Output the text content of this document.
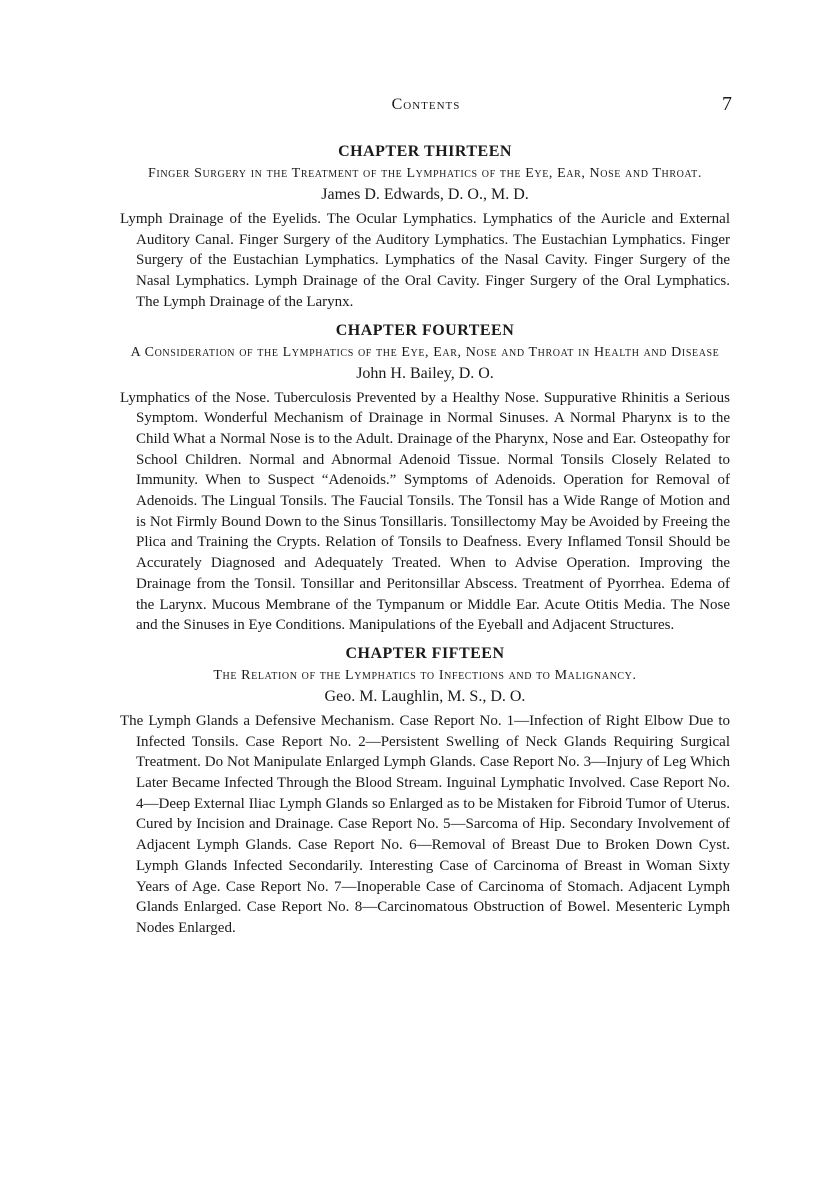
Contents	7
CHAPTER THIRTEEN

Finger Surgery in the Treatment of the Lymphatics of the Eye, Ear, Nose and Throat.

James D. Edwards, D. O., M. D.

Lymph Drainage of the Eyelids. The Ocular Lymphatics. Lymphatics of the Auricle and External Auditory Canal. Finger Surgery of the Auditory Lymphatics. The Eustachian Lymphatics. Finger Surgery of the Eustachian Lymphatics. Lymphatics of the Nasal Cavity. Finger Surgery of the Nasal Lymphatics. Lymph Drainage of the Oral Cavity. Finger Surgery of the Oral Lymphatics. The Lymph Drainage of the Larynx.

CHAPTER FOURTEEN

A Consideration of the Lymphatics of the Eye, Ear, Nose and Throat in Health and Disease

John H. Bailey, D. O.

Lymphatics of the Nose. Tuberculosis Prevented by a Healthy Nose. Suppurative Rhinitis a Serious Symptom. Wonderful Mechanism of Drainage in Normal Sinuses. A Normal Pharynx is to the Child What a Normal Nose is to the Adult. Drainage of the Pharynx, Nose and Ear. Osteopathy for School Children. Normal and Abnormal Adenoid Tissue. Normal Tonsils Closely Related to Immunity. When to Suspect “Adenoids.” Symptoms of Adenoids. Operation for Removal of Adenoids. The Lingual Tonsils. The Faucial Tonsils. The Tonsil has a Wide Range of Motion and is Not Firmly Bound Down to the Sinus Tonsillaris. Tonsillectomy May be Avoided by Freeing the Plica and Training the Crypts. Relation of Tonsils to Deafness. Every Inflamed Tonsil Should be Accurately Diagnosed and Adequately Treated. When to Advise Operation. Improving the Drainage from the Tonsil. Tonsillar and Peritonsillar Abscess. Treatment of Pyorrhea. Edema of the Larynx. Mucous Membrane of the Tympanum or Middle Ear. Acute Otitis Media. The Nose and the Sinuses in Eye Conditions. Manipulations of the Eyeball and Adjacent Structures.

CHAPTER FIFTEEN

The Relation of the Lymphatics to Infections and to Malignancy.

Geo. M. Laughlin, M. S., D. O.

The Lymph Glands a Defensive Mechanism. Case Report No. 1—Infection of Right Elbow Due to Infected Tonsils. Case Report No. 2—Persistent Swelling of Neck Glands Requiring Surgical Treatment. Do Not Manipulate Enlarged Lymph Glands. Case Report No. 3—Injury of Leg Which Later Became Infected Through the Blood Stream. Inguinal Lymphatic Involved. Case Report No. 4—Deep External Iliac Lymph Glands so Enlarged as to be Mistaken for Fibroid Tumor of Uterus. Cured by Incision and Drainage. Case Report No. 5—Sarcoma of Hip. Secondary Involvement of Adjacent Lymph Glands. Case Report No. 6—Removal of Breast Due to Broken Down Cyst. Lymph Glands Infected Secondarily. Interesting Case of Carcinoma of Breast in Woman Sixty Years of Age. Case Report No. 7—Inoperable Case of Carcinoma of Stomach. Adjacent Lymph Glands Enlarged. Case Report No. 8—Carcinomatous Obstruction of Bowel. Mesenteric Lymph Nodes Enlarged.
